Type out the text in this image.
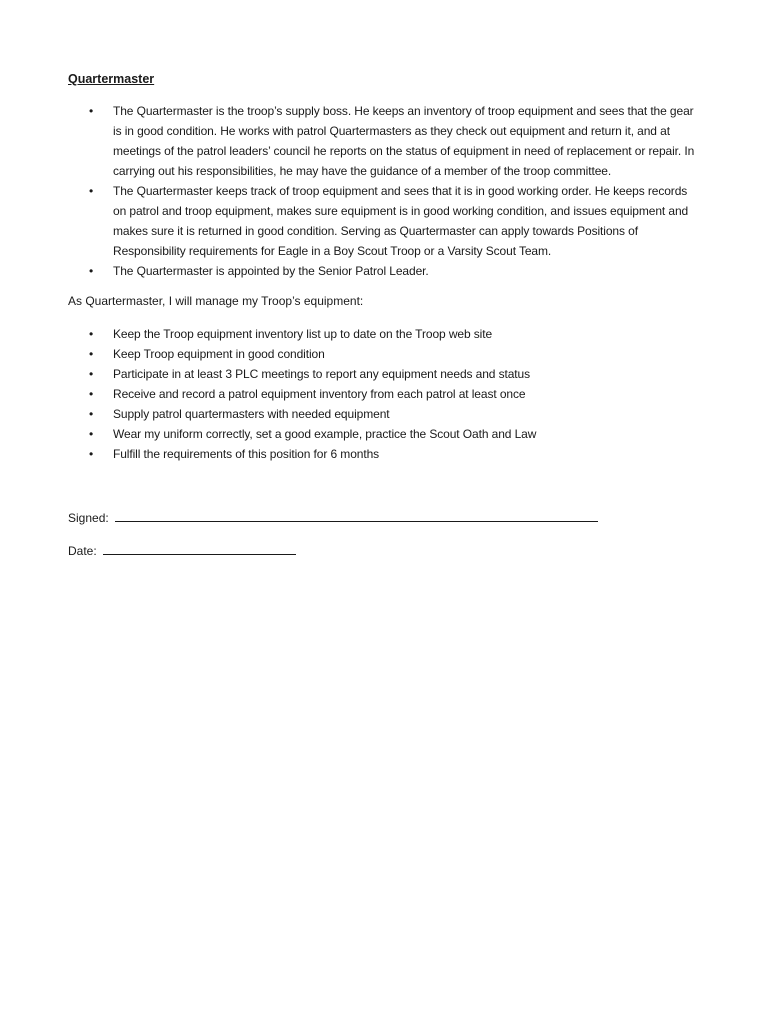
Quartermaster
• The Quartermaster is the troop’s supply boss. He keeps an inventory of troop equipment and sees that the gear is in good condition. He works with patrol Quartermasters as they check out equipment and return it, and at meetings of the patrol leaders’ council he reports on the status of equipment in need of replacement or repair. In carrying out his responsibilities, he may have the guidance of a member of the troop committee.
• The Quartermaster keeps track of troop equipment and sees that it is in good working order. He keeps records on patrol and troop equipment, makes sure equipment is in good working condition, and issues equipment and makes sure it is returned in good condition. Serving as Quartermaster can apply towards Positions of Responsibility requirements for Eagle in a Boy Scout Troop or a Varsity Scout Team.
• The Quartermaster is appointed by the Senior Patrol Leader.
As Quartermaster, I will manage my Troop’s equipment:
• Keep the Troop equipment inventory list up to date on the Troop web site
• Keep Troop equipment in good condition
• Participate in at least 3 PLC meetings to report any equipment needs and status
• Receive and record a patrol equipment inventory from each patrol at least once
• Supply patrol quartermasters with needed equipment
• Wear my uniform correctly, set a good example, practice the Scout Oath and Law
• Fulfill the requirements of this position for 6 months
Signed:
Date:
